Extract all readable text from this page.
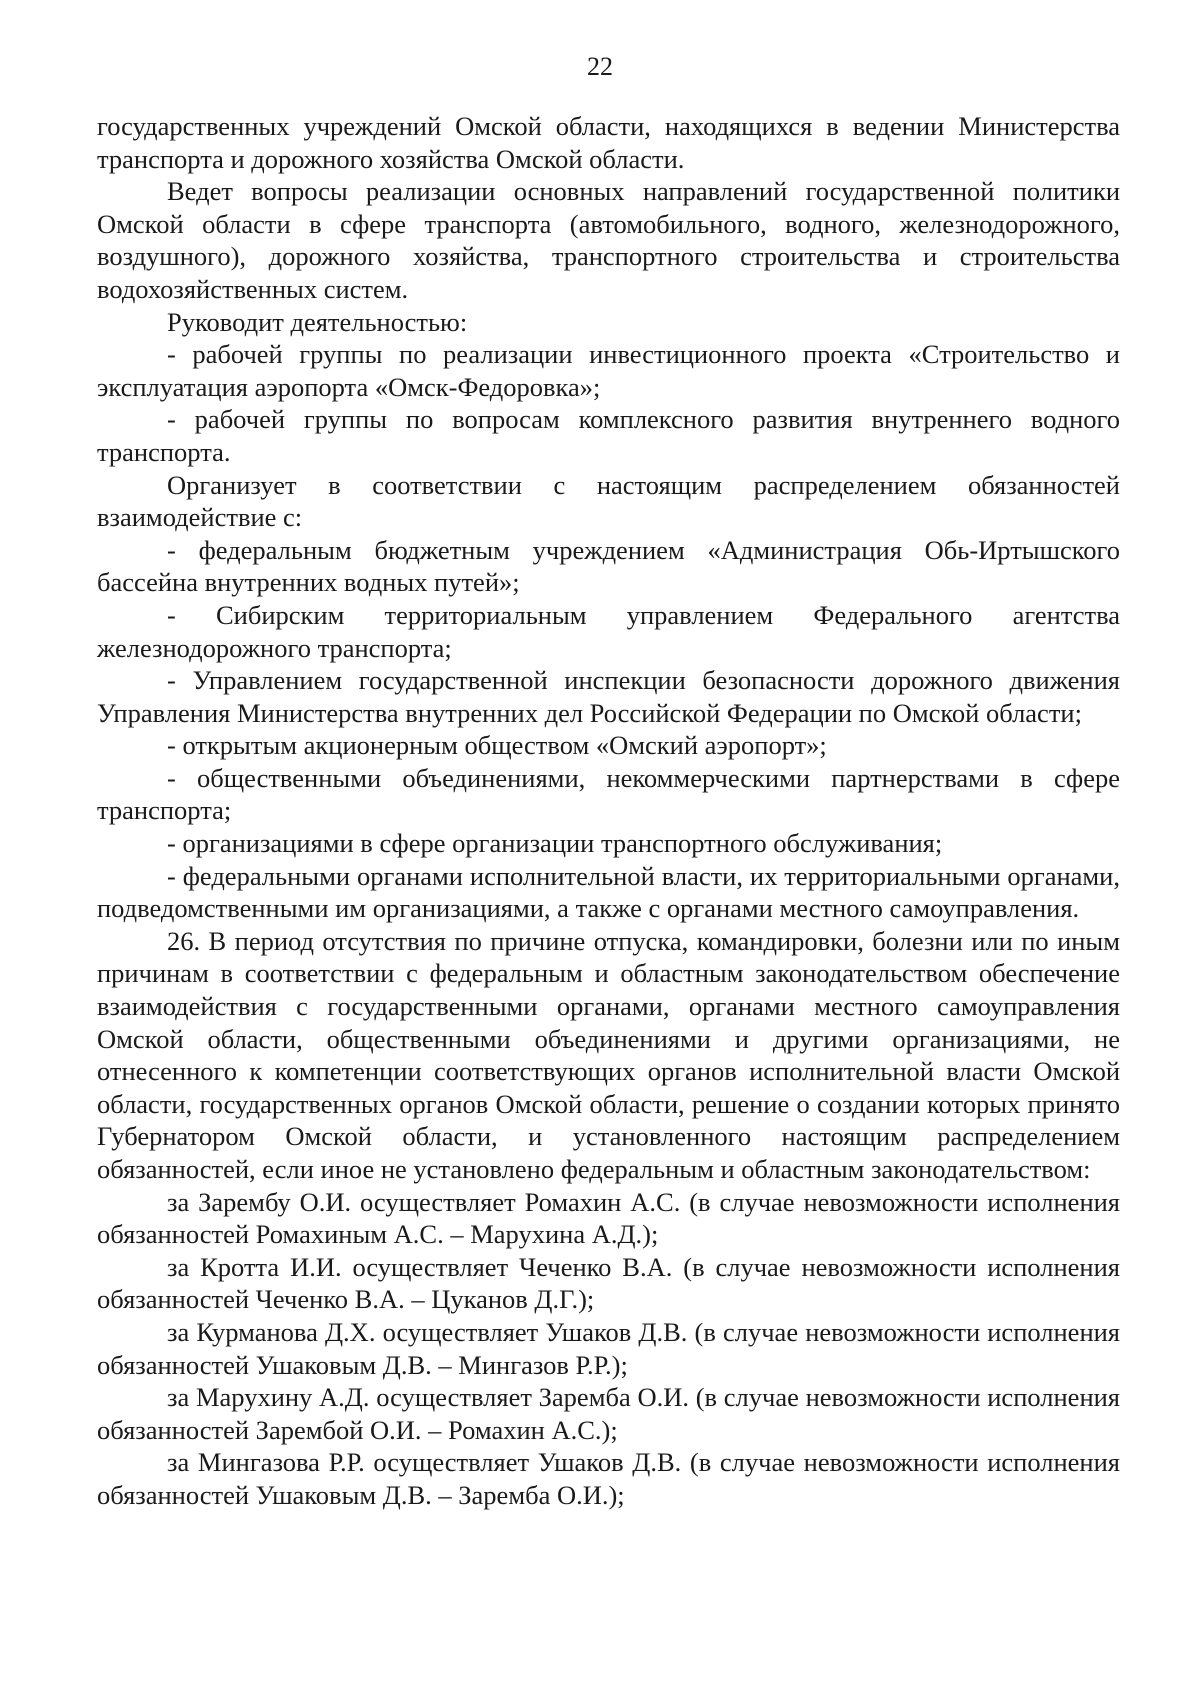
22

государственных учреждений Омской области, находящихся в ведении Министерства транспорта и дорожного хозяйства Омской области.

Ведет вопросы реализации основных направлений государственной политики Омской области в сфере транспорта (автомобильного, водного, железнодорожного, воздушного), дорожного хозяйства, транспортного строительства и строительства водохозяйственных систем.

Руководит деятельностью:

- рабочей группы по реализации инвестиционного проекта «Строительство и эксплуатация аэропорта «Омск-Федоровка»;

- рабочей группы по вопросам комплексного развития внутреннего водного транспорта.

Организует в соответствии с настоящим распределением обязанностей взаимодействие с:

- федеральным бюджетным учреждением «Администрация Обь-Иртышского бассейна внутренних водных путей»;

- Сибирским территориальным управлением Федерального агентства железнодорожного транспорта;

- Управлением государственной инспекции безопасности дорожного движения Управления Министерства внутренних дел Российской Федерации по Омской области;

- открытым акционерным обществом «Омский аэропорт»;

- общественными объединениями, некоммерческими партнерствами в сфере транспорта;

- организациями в сфере организации транспортного обслуживания;

- федеральными органами исполнительной власти, их территориальными органами, подведомственными им организациями, а также с органами местного самоуправления.

26. В период отсутствия по причине отпуска, командировки, болезни или по иным причинам в соответствии с федеральным и областным законодательством обеспечение взаимодействия с государственными органами, органами местного самоуправления Омской области, общественными объединениями и другими организациями, не отнесенного к компетенции соответствующих органов исполнительной власти Омской области, государственных органов Омской области, решение о создании которых принято Губернатором Омской области, и установленного настоящим распределением обязанностей, если иное не установлено федеральным и областным законодательством:

за Зарембу О.И. осуществляет Ромахин А.С. (в случае невозможности исполнения обязанностей Ромахиным А.С. – Марухина А.Д.);

за Кротта И.И. осуществляет Чеченко В.А. (в случае невозможности исполнения обязанностей Чеченко В.А. – Цуканов Д.Г.);

за Курманова Д.Х. осуществляет Ушаков Д.В. (в случае невозможности исполнения обязанностей Ушаковым Д.В. – Мингазов Р.Р.);

за Марухину А.Д. осуществляет Заремба О.И. (в случае невозможности исполнения обязанностей Зарембой О.И. – Ромахин А.С.);

за Мингазова Р.Р. осуществляет Ушаков Д.В. (в случае невозможности исполнения обязанностей Ушаковым Д.В. – Заремба О.И.);
